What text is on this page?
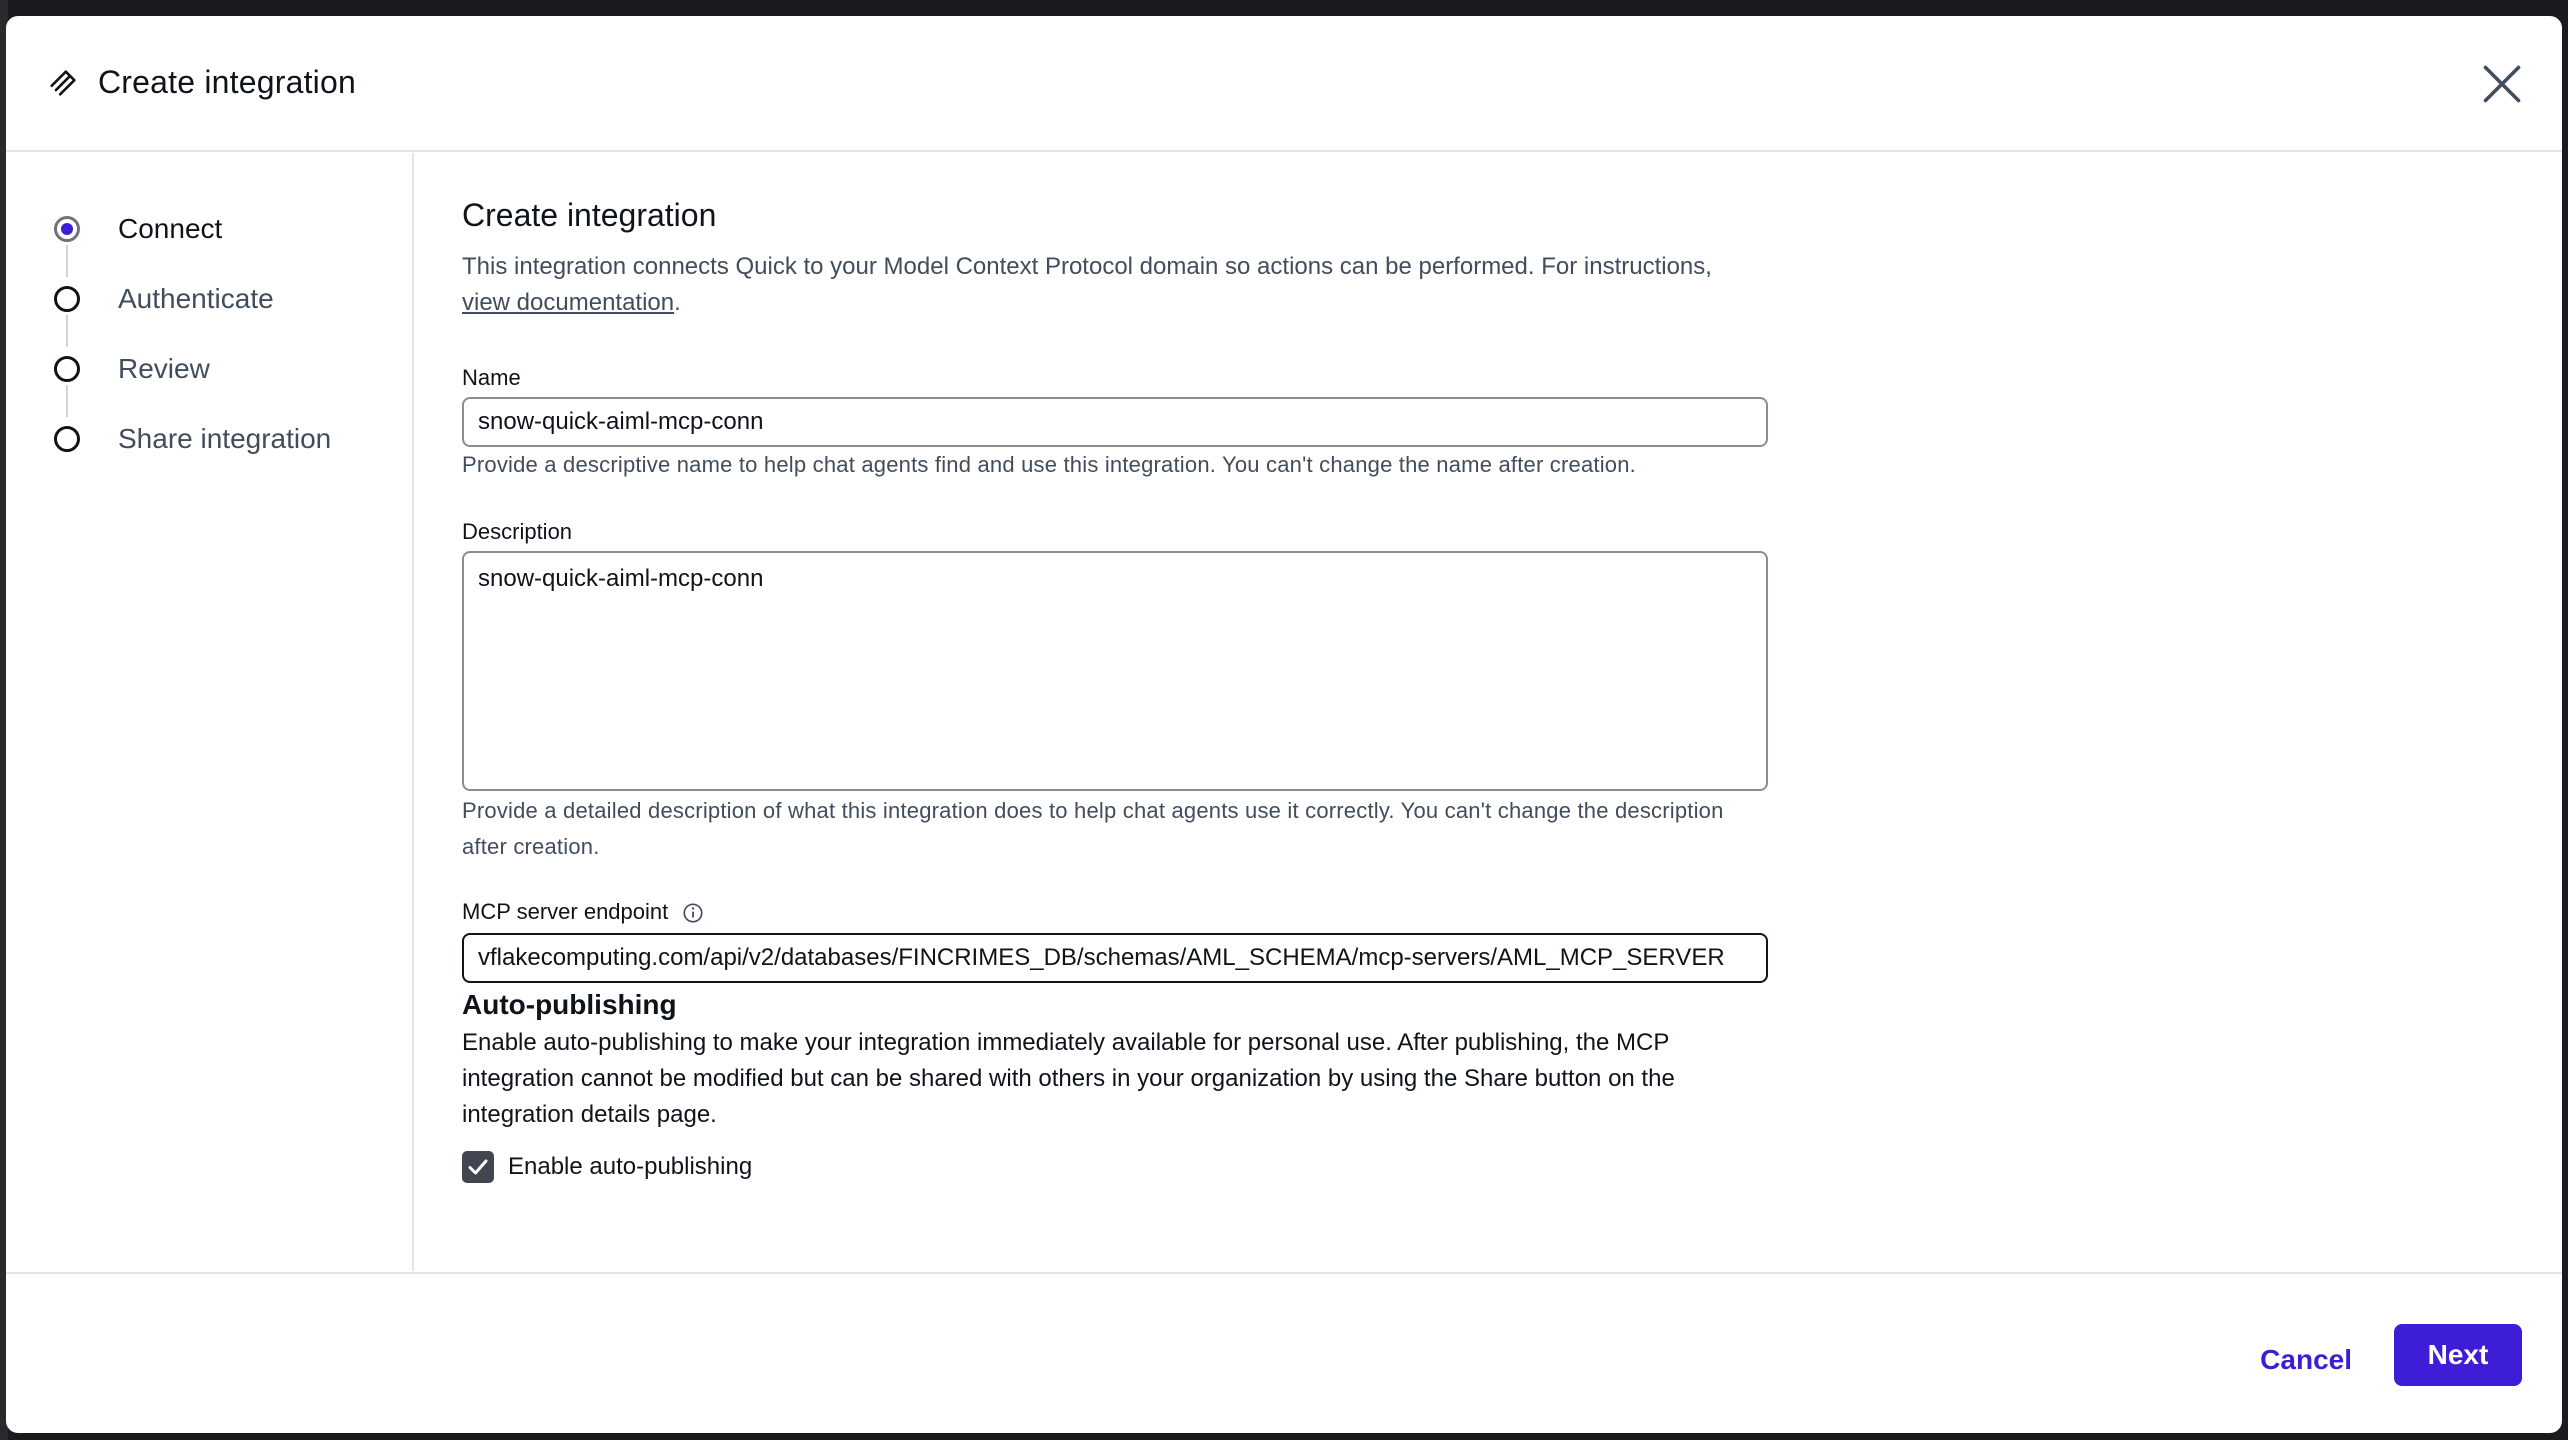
Create integration
Connect
Authenticate
Review
Share integration
Create integration
This integration connects Quick to your Model Context Protocol domain so actions can be performed. For instructions, view documentation.
Name
snow-quick-aiml-mcp-conn
Provide a descriptive name to help chat agents find and use this integration. You can't change the name after creation.
Description
snow-quick-aiml-mcp-conn
Provide a detailed description of what this integration does to help chat agents use it correctly. You can't change the description after creation.
MCP server endpoint
vflakecomputing.com/api/v2/databases/FINCRIMES_DB/schemas/AML_SCHEMA/mcp-servers/AML_MCP_SERVER
Auto-publishing
Enable auto-publishing to make your integration immediately available for personal use. After publishing, the MCP integration cannot be modified but can be shared with others in your organization by using the Share button on the integration details page.
Enable auto-publishing
Cancel	Next
